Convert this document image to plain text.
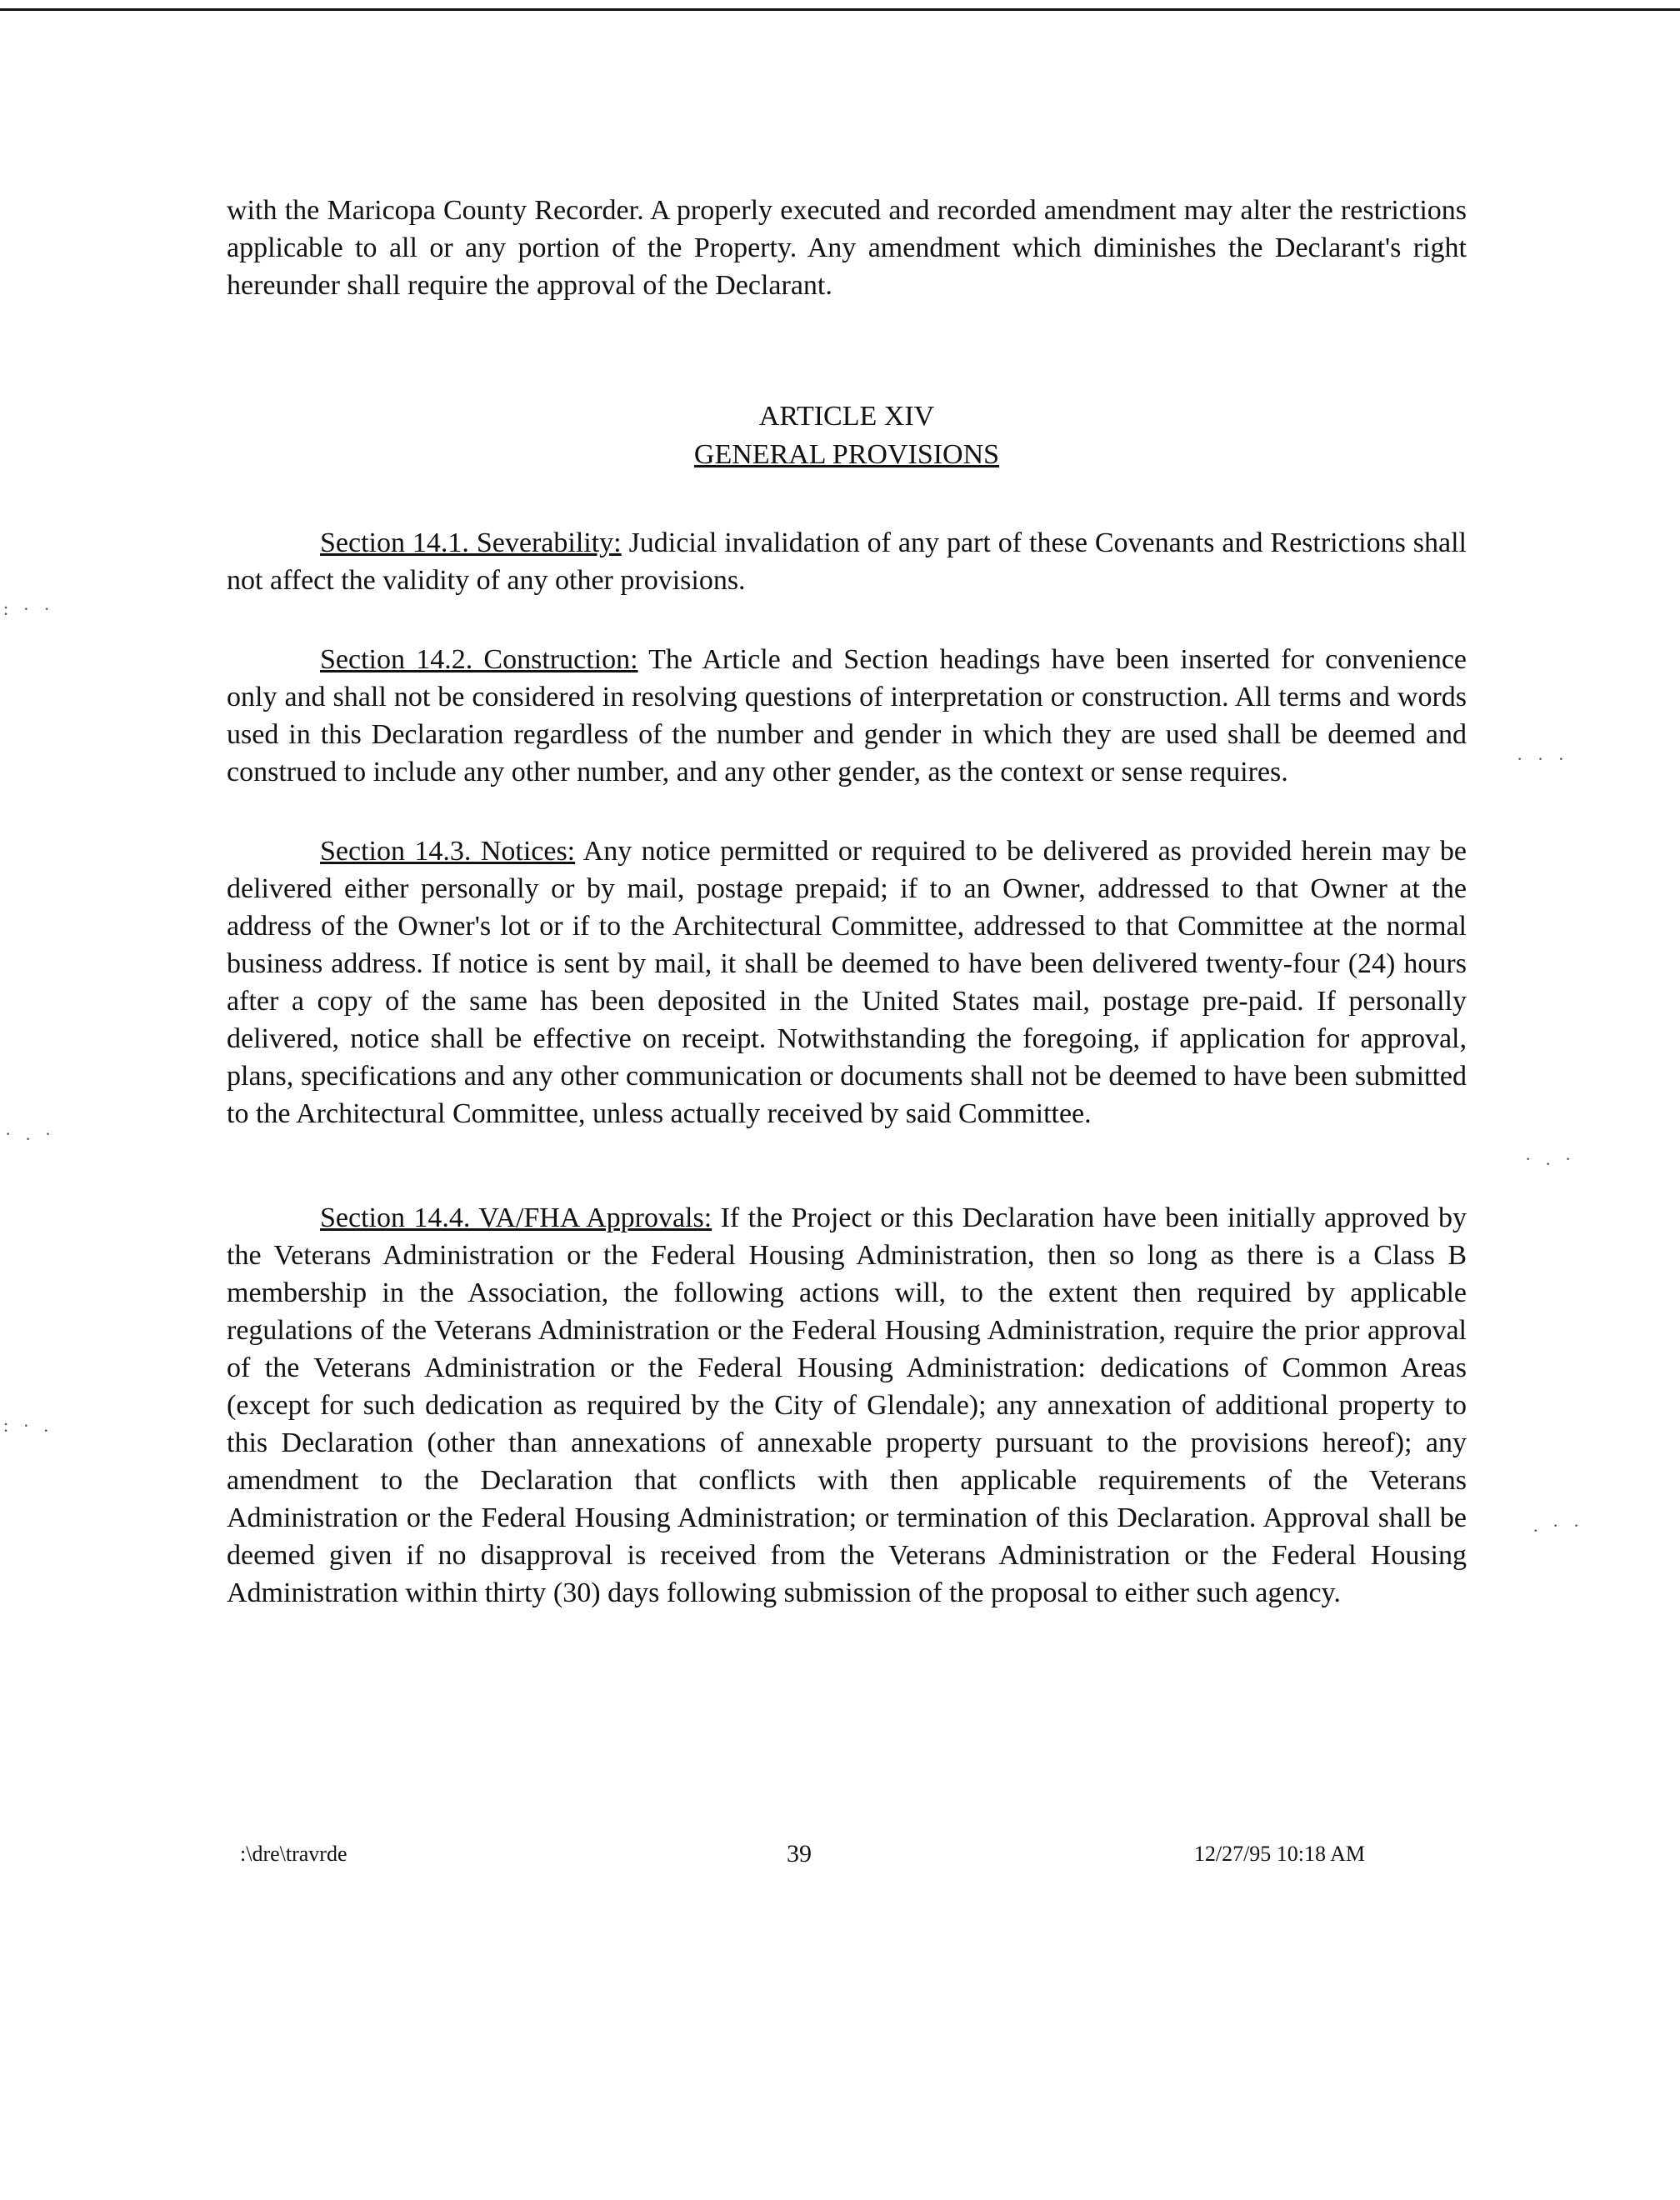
with the Maricopa County Recorder. A properly executed and recorded amendment may alter the restrictions applicable to all or any portion of the Property. Any amendment which diminishes the Declarant's right hereunder shall require the approval of the Declarant.

ARTICLE XIV
GENERAL PROVISIONS

Section 14.1. Severability: Judicial invalidation of any part of these Covenants and Restrictions shall not affect the validity of any other provisions.

Section 14.2. Construction: The Article and Section headings have been inserted for convenience only and shall not be considered in resolving questions of interpretation or construction. All terms and words used in this Declaration regardless of the number and gender in which they are used shall be deemed and construed to include any other number, and any other gender, as the context or sense requires.

Section 14.3. Notices: Any notice permitted or required to be delivered as provided herein may be delivered either personally or by mail, postage prepaid; if to an Owner, addressed to that Owner at the address of the Owner's lot or if to the Architectural Committee, addressed to that Committee at the normal business address. If notice is sent by mail, it shall be deemed to have been delivered twenty-four (24) hours after a copy of the same has been deposited in the United States mail, postage pre-paid. If personally delivered, notice shall be effective on receipt. Notwithstanding the foregoing, if application for approval, plans, specifications and any other communication or documents shall not be deemed to have been submitted to the Architectural Committee, unless actually received by said Committee.

Section 14.4. VA/FHA Approvals: If the Project or this Declaration have been initially approved by the Veterans Administration or the Federal Housing Administration, then so long as there is a Class B membership in the Association, the following actions will, to the extent then required by applicable regulations of the Veterans Administration or the Federal Housing Administration, require the prior approval of the Veterans Administration or the Federal Housing Administration: dedications of Common Areas (except for such dedication as required by the City of Glendale); any annexation of additional property to this Declaration (other than annexations of annexable property pursuant to the provisions hereof); any amendment to the Declaration that conflicts with then applicable requirements of the Veterans Administration or the Federal Housing Administration; or termination of this Declaration. Approval shall be deemed given if no disapproval is received from the Veterans Administration or the Federal Housing Administration within thirty (30) days following submission of the proposal to either such agency.

:\dre\travrde	39	12/27/95 10:18 AM
: · ·
· . ·
: · .
· · ·
· . ·
. · ·
